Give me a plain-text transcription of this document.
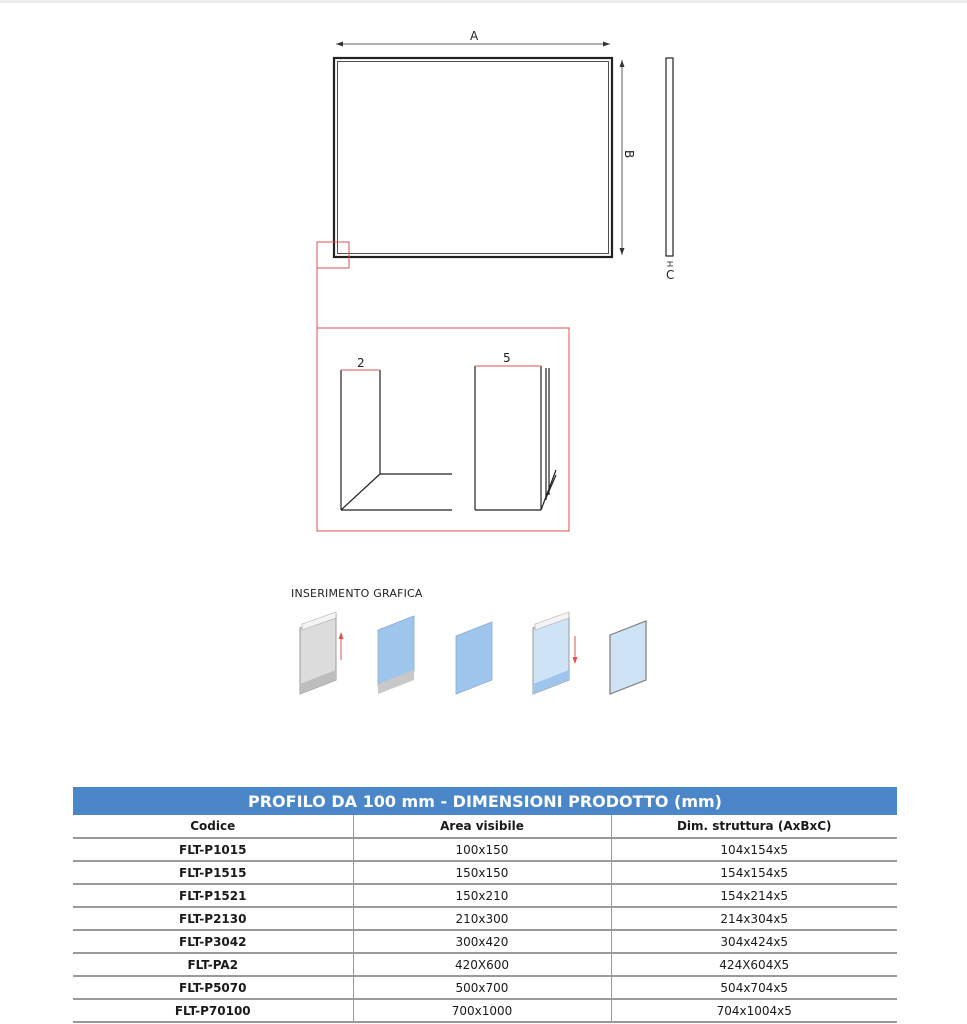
A
B
C
2	5
INSERIMENTO GRAFICA
PROFILO DA 100 mm - DIMENSIONI PRODOTTO (mm)		
Codice	Area visibile	Dim. struttura (AxBxC)
FLT-P1015	100x150	104x154x5
FLT-P1515	150x150	154x154x5
FLT-P1521	150x210	154x214x5
FLT-P2130	210x300	214x304x5
FLT-P3042	300x420	304x424x5
FLT-PA2	420X600	424X604X5
FLT-P5070	500x700	504x704x5
FLT-P70100	700x1000	704x1004x5
